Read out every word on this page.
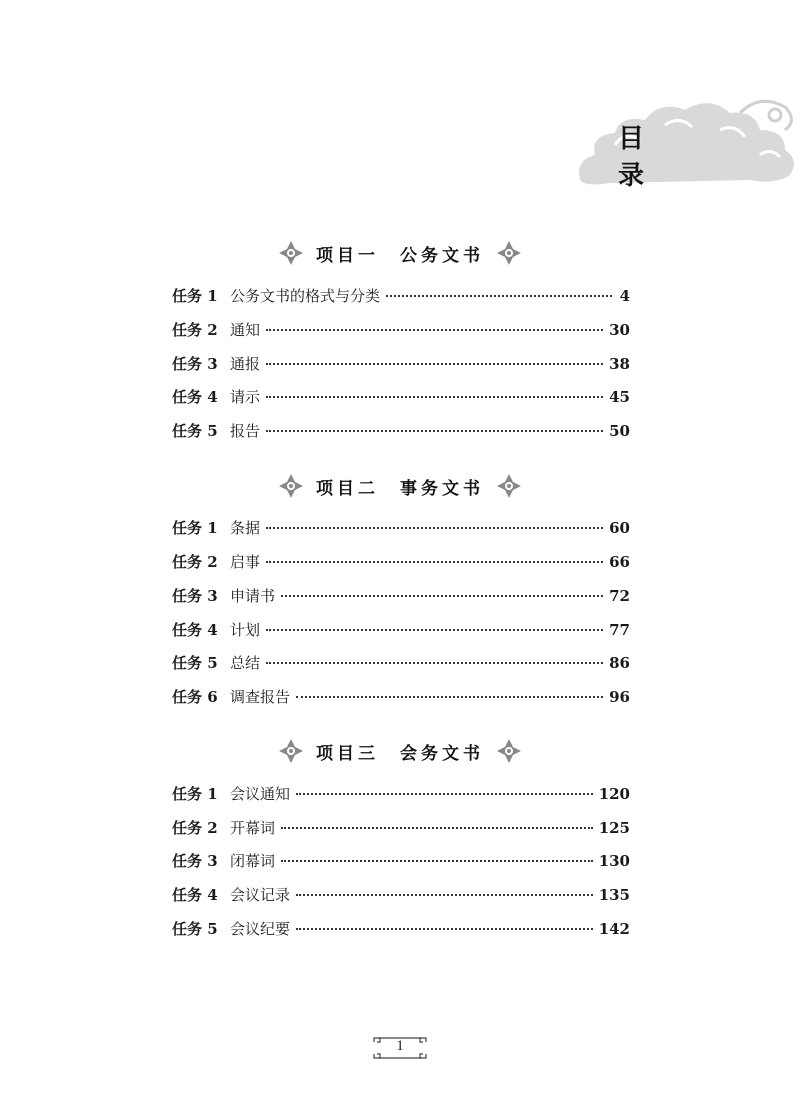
目 录
项目一　公务文书
任务 1 公务文书的格式与分类	4
任务 2 通知	30
任务 3 通报	38
任务 4 请示	45
任务 5 报告	50
项目二　事务文书
任务 1 条据	60
任务 2 启事	66
任务 3 申请书	72
任务 4 计划	77
任务 5 总结	86
任务 6 调查报告	96
项目三　会务文书
任务 1 会议通知	120
任务 2 开幕词	125
任务 3 闭幕词	130
任务 4 会议记录	135
任务 5 会议纪要	142
1
